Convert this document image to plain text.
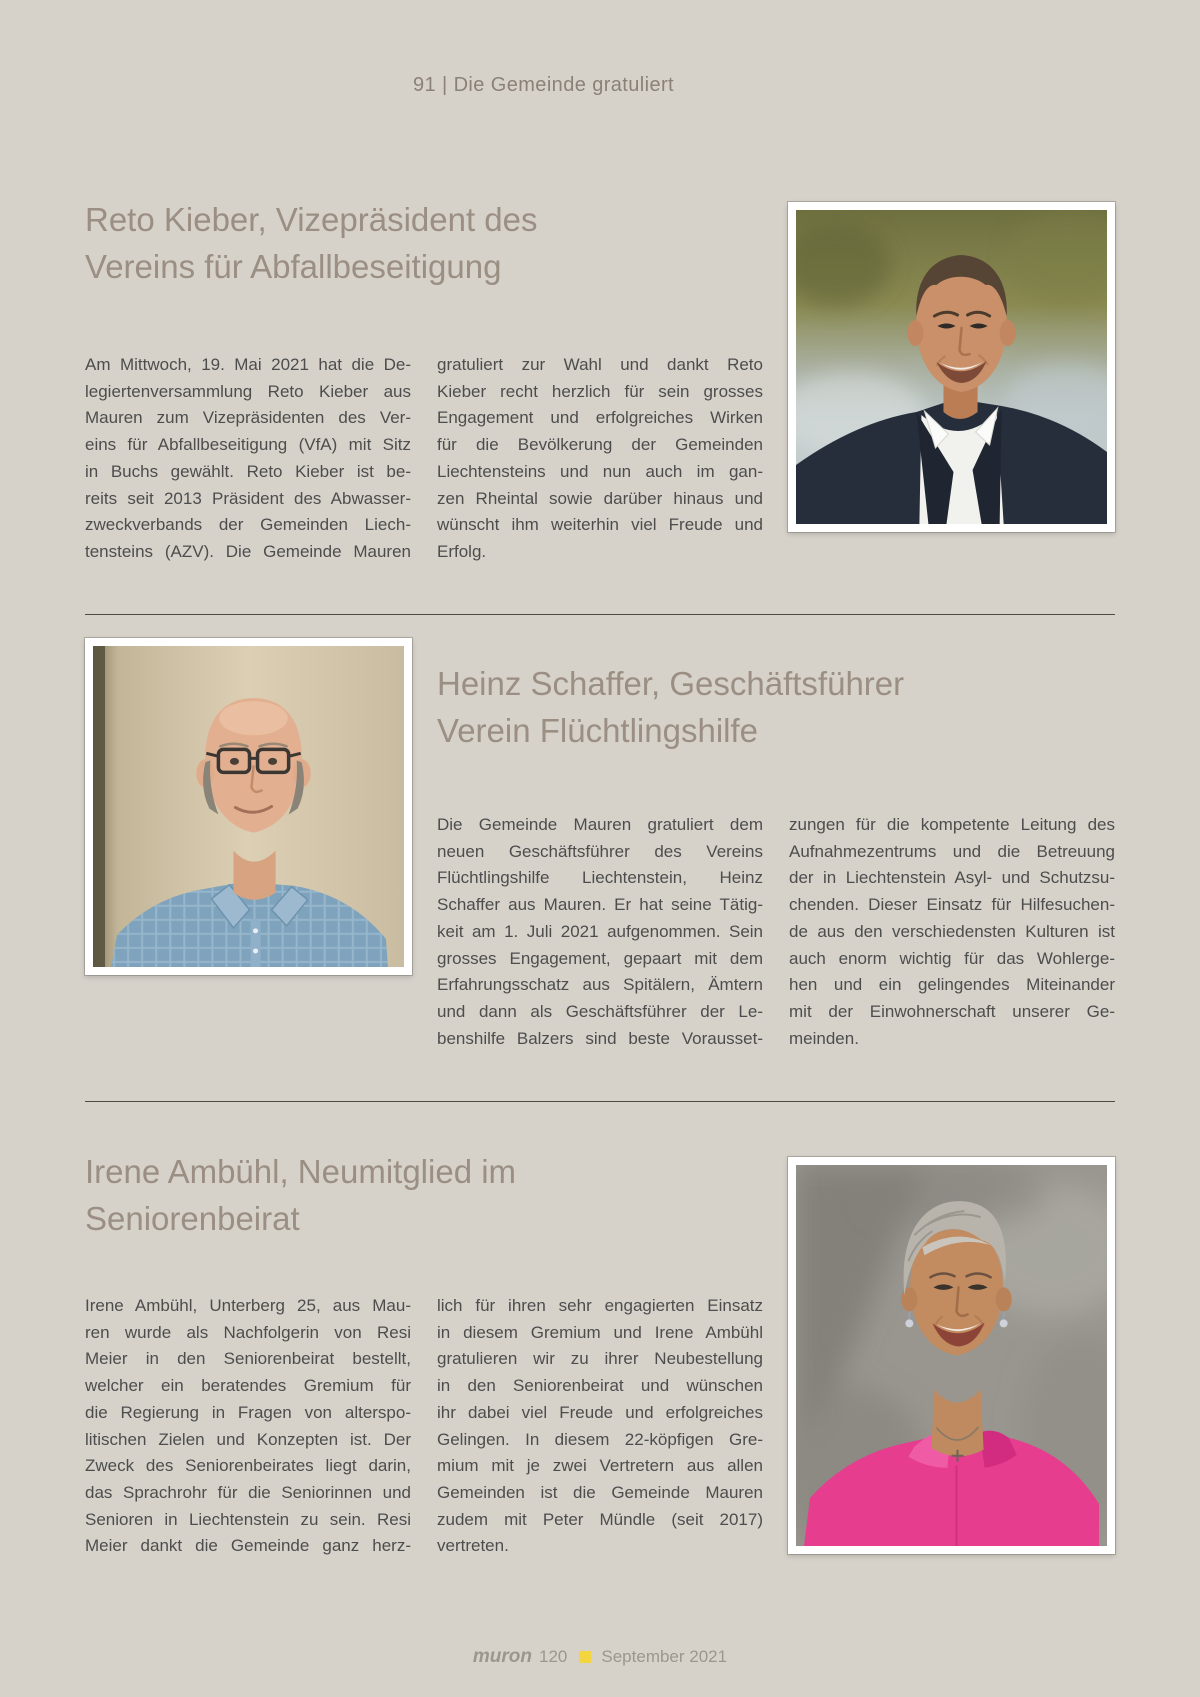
91 | Die Gemeinde gratuliert
Reto Kieber, Vizepräsident des
Vereins für Abfallbeseitigung
Am Mittwoch, 19. Mai 2021 hat die De-
legiertenversammlung Reto Kieber aus
Mauren zum Vizepräsidenten des Ver-
eins für Abfallbeseitigung (VfA) mit Sitz
in Buchs gewählt. Reto Kieber ist be-
reits seit 2013 Präsident des Abwasser-
zweckverbands der Gemeinden Liech-
tensteins (AZV). Die Gemeinde Mauren
gratuliert zur Wahl und dankt Reto
Kieber recht herzlich für sein grosses
Engagement und erfolgreiches Wirken
für die Bevölkerung der Gemeinden
Liechtensteins und nun auch im gan-
zen Rheintal sowie darüber hinaus und
wünscht ihm weiterhin viel Freude und
Erfolg.
Heinz Schaffer, Geschäftsführer
Verein Flüchtlingshilfe
Die Gemeinde Mauren gratuliert dem
neuen Geschäftsführer des Vereins
Flüchtlingshilfe Liechtenstein, Heinz
Schaffer aus Mauren. Er hat seine Tätig-
keit am 1. Juli 2021 aufgenommen. Sein
grosses Engagement, gepaart mit dem
Erfahrungsschatz aus Spitälern, Ämtern
und dann als Geschäftsführer der Le-
benshilfe Balzers sind beste Vorausset-
zungen für die kompetente Leitung des
Aufnahmezentrums und die Betreuung
der in Liechtenstein Asyl- und Schutzsu-
chenden. Dieser Einsatz für Hilfesuchen-
de aus den verschiedensten Kulturen ist
auch enorm wichtig für das Wohlerge-
hen und ein gelingendes Miteinander
mit der Einwohnerschaft unserer Ge-
meinden.
Irene Ambühl, Neumitglied im
Seniorenbeirat
Irene Ambühl, Unterberg 25, aus Mau-
ren wurde als Nachfolgerin von Resi
Meier in den Seniorenbeirat bestellt,
welcher ein beratendes Gremium für
die Regierung in Fragen von alterspo-
litischen Zielen und Konzepten ist. Der
Zweck des Seniorenbeirates liegt darin,
das Sprachrohr für die Seniorinnen und
Senioren in Liechtenstein zu sein. Resi
Meier dankt die Gemeinde ganz herz-
lich für ihren sehr engagierten Einsatz
in diesem Gremium und Irene Ambühl
gratulieren wir zu ihrer Neubestellung
in den Seniorenbeirat und wünschen
ihr dabei viel Freude und erfolgreiches
Gelingen. In diesem 22-köpfigen Gre-
mium mit je zwei Vertretern aus allen
Gemeinden ist die Gemeinde Mauren
zudem mit Peter Mündle (seit 2017)
vertreten.
muron 120 September 2021
